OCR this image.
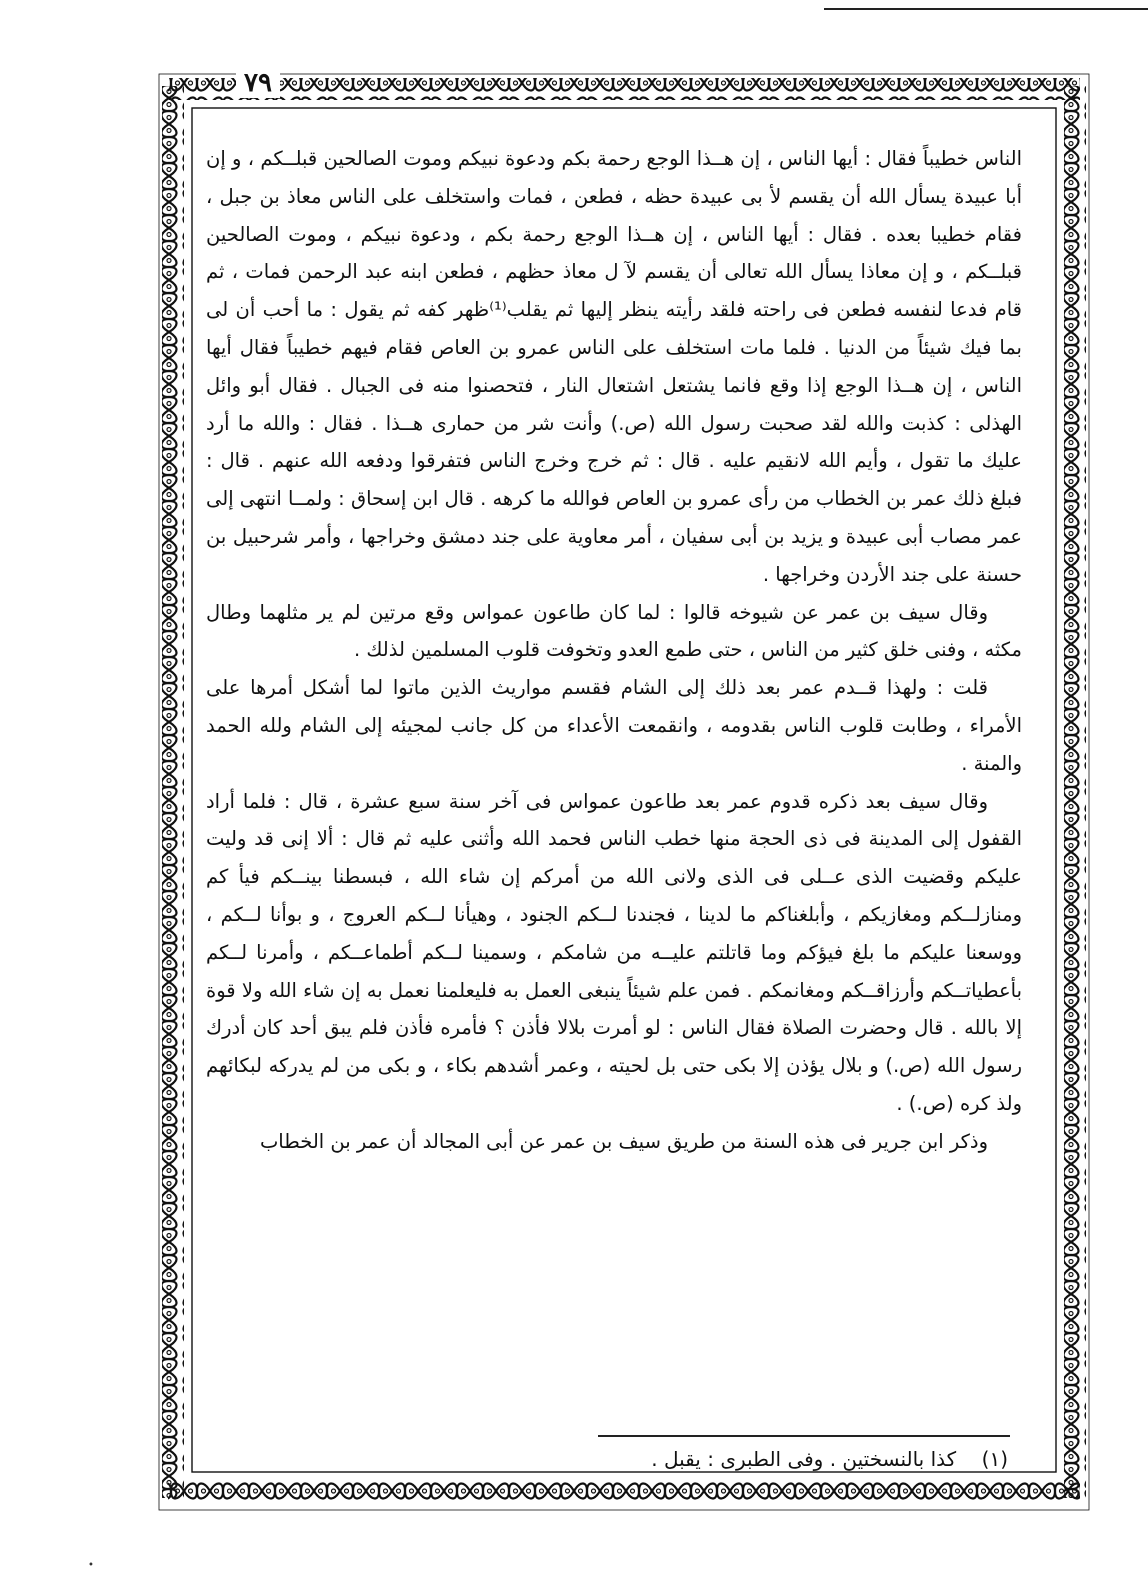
٧٩

الناس خطيباً فقال : أيها الناس ، إن هــذا الوجع رحمة بكم ودعوة نبيكم وموت الصالحين قبلــكم ، و إن أبا عبيدة يسأل الله أن يقسم لأ بى عبيدة حظه ، فطعن ، فمات واستخلف على الناس معاذ بن جبل ، فقام خطيبا بعده . فقال : أيها الناس ، إن هــذا الوجع رحمة بكم ، ودعوة نبيكم ، وموت الصالحين قبلــكم ، و إن معاذا يسأل الله تعالى أن يقسم لآ ل معاذ حظهم ، فطعن ابنه عبد الرحمن فمات ، ثم قام فدعا لنفسه فطعن فى راحته فلقد رأيته ينظر إليها ثم يقلب⁽¹⁾ظهر كفه ثم يقول : ما أحب أن لى بما فيك شيئاً من الدنيا . فلما مات استخلف على الناس عمرو بن العاص فقام فيهم خطيباً فقال أيها الناس ، إن هــذا الوجع إذا وقع فانما يشتعل اشتعال النار ، فتحصنوا منه فى الجبال . فقال أبو وائل الهذلى : كذبت والله لقد صحبت رسول الله (ص.) وأنت شر من حمارى هــذا . فقال : والله ما أرد عليك ما تقول ، وأيم الله لانقيم عليه . قال : ثم خرج وخرج الناس فتفرقوا ودفعه الله عنهم . قال : فبلغ ذلك عمر بن الخطاب من رأى عمرو بن العاص فوالله ما كرهه . قال ابن إسحاق : ولمــا انتهى إلى عمر مصاب أبى عبيدة و يزيد بن أبى سفيان ، أمر معاوية على جند دمشق وخراجها ، وأمر شرحبيل بن حسنة على جند الأردن وخراجها .

وقال سيف بن عمر عن شيوخه قالوا : لما كان طاعون عمواس وقع مرتين لم ير مثلهما وطال مكثه ، وفنى خلق كثير من الناس ، حتى طمع العدو وتخوفت قلوب المسلمين لذلك .

قلت : ولهذا قــدم عمر بعد ذلك إلى الشام فقسم مواريث الذين ماتوا لما أشكل أمرها على الأمراء ، وطابت قلوب الناس بقدومه ، وانقمعت الأعداء من كل جانب لمجيئه إلى الشام ولله الحمد والمنة .

وقال سيف بعد ذكره قدوم عمر بعد طاعون عمواس فى آخر سنة سبع عشرة ، قال : فلما أراد القفول إلى المدينة فى ذى الحجة منها خطب الناس فحمد الله وأثنى عليه ثم قال : ألا إنى قد وليت عليكم وقضيت الذى عــلى فى الذى ولانى الله من أمركم إن شاء الله ، فبسطنا بينــكم فيأ كم ومنازلــكم ومغازيكم ، وأبلغناكم ما لدينا ، فجندنا لــكم الجنود ، وهيأنا لــكم العروج ، و بوأنا لــكم ، ووسعنا عليكم ما بلغ فيؤكم وما قاتلتم عليــه من شامكم ، وسمينا لــكم أطماعــكم ، وأمرنا لــكم بأعطياتــكم وأرزاقــكم ومغانمكم . فمن علم شيئاً ينبغى العمل به فليعلمنا نعمل به إن شاء الله ولا قوة إلا بالله . قال وحضرت الصلاة فقال الناس : لو أمرت بلالا فأذن ؟ فأمره فأذن فلم يبق أحد كان أدرك رسول الله (ص.) و بلال يؤذن إلا بكى حتى بل لحيته ، وعمر أشدهم بكاء ، و بكى من لم يدركه لبكائهم ولذ كره (ص.) .

وذكر ابن جرير فى هذه السنة من طريق سيف بن عمر عن أبى المجالد أن عمر بن الخطاب

(١)    كذا بالنسختين . وفى الطبرى : يقبل .
•
